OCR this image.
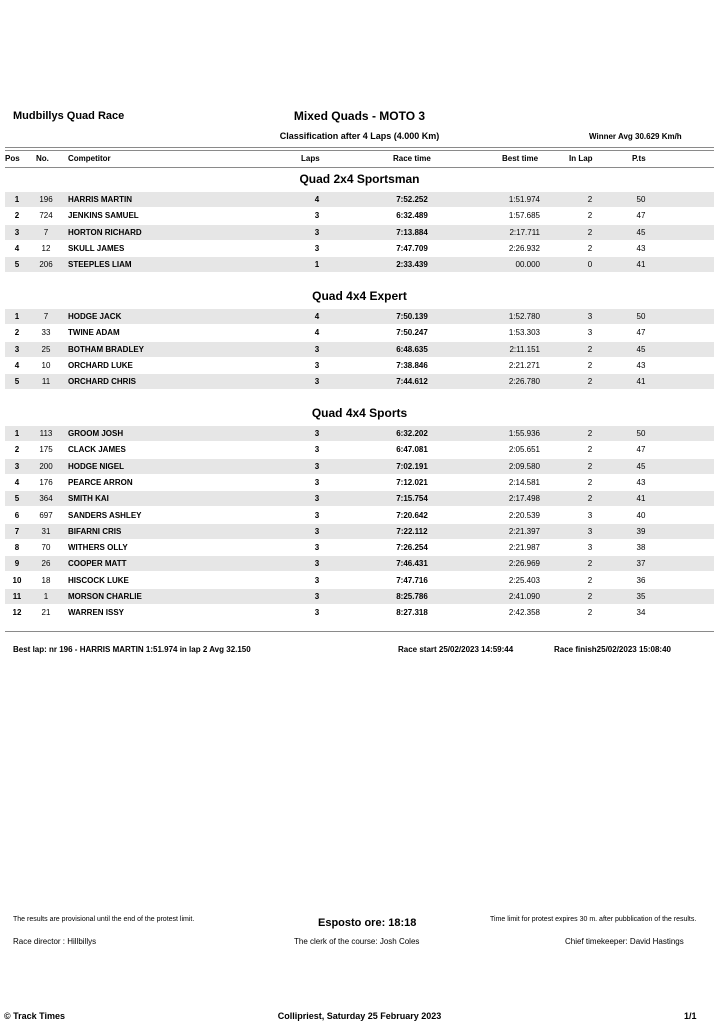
Mudbillys Quad Race	Mixed Quads - MOTO 3
Classification after 4 Laps (4.000 Km)	Winner Avg 30.629 Km/h
Pos No. Competitor	Laps	Race time	Best time	In Lap	P.ts
Quad 2x4 Sportsman
1	196	HARRIS MARTIN	4	7:52.252	1:51.974	2	50
2	724	JENKINS SAMUEL	3	6:32.489	1:57.685	2	47
3	7	HORTON RICHARD	3	7:13.884	2:17.711	2	45
4	12	SKULL JAMES	3	7:47.709	2:26.932	2	43
5	206	STEEPLES LIAM	1	2:33.439	00.000	0	41
Quad 4x4 Expert
1	7	HODGE JACK	4	7:50.139	1:52.780	3	50
2	33	TWINE ADAM	4	7:50.247	1:53.303	3	47
3	25	BOTHAM BRADLEY	3	6:48.635	2:11.151	2	45
4	10	ORCHARD LUKE	3	7:38.846	2:21.271	2	43
5	11	ORCHARD CHRIS	3	7:44.612	2:26.780	2	41
Quad 4x4 Sports
1	113	GROOM JOSH	3	6:32.202	1:55.936	2	50
2	175	CLACK JAMES	3	6:47.081	2:05.651	2	47
3	200	HODGE NIGEL	3	7:02.191	2:09.580	2	45
4	176	PEARCE ARRON	3	7:12.021	2:14.581	2	43
5	364	SMITH KAI	3	7:15.754	2:17.498	2	41
6	697	SANDERS ASHLEY	3	7:20.642	2:20.539	3	40
7	31	BIFARNI CRIS	3	7:22.112	2:21.397	3	39
8	70	WITHERS OLLY	3	7:26.254	2:21.987	3	38
9	26	COOPER MATT	3	7:46.431	2:26.969	2	37
10	18	HISCOCK LUKE	3	7:47.716	2:25.403	2	36
11	1	MORSON CHARLIE	3	8:25.786	2:41.090	2	35
12	21	WARREN ISSY	3	8:27.318	2:42.358	2	34
Best lap: nr 196 - HARRIS MARTIN 1:51.974 in lap 2 Avg 32.150	Race start 25/02/2023 14:59:44	Race finish25/02/2023 15:08:40
The results are provisional until the end of the protest limit.	Esposto ore: 18:18	Time limit for protest expires 30 m. after pubblication of the results.
Race director : Hillbillys	The clerk of the course: Josh Coles	Chief timekeeper: David Hastings
© Track Times	Collipriest, Saturday 25 February 2023	1/1
